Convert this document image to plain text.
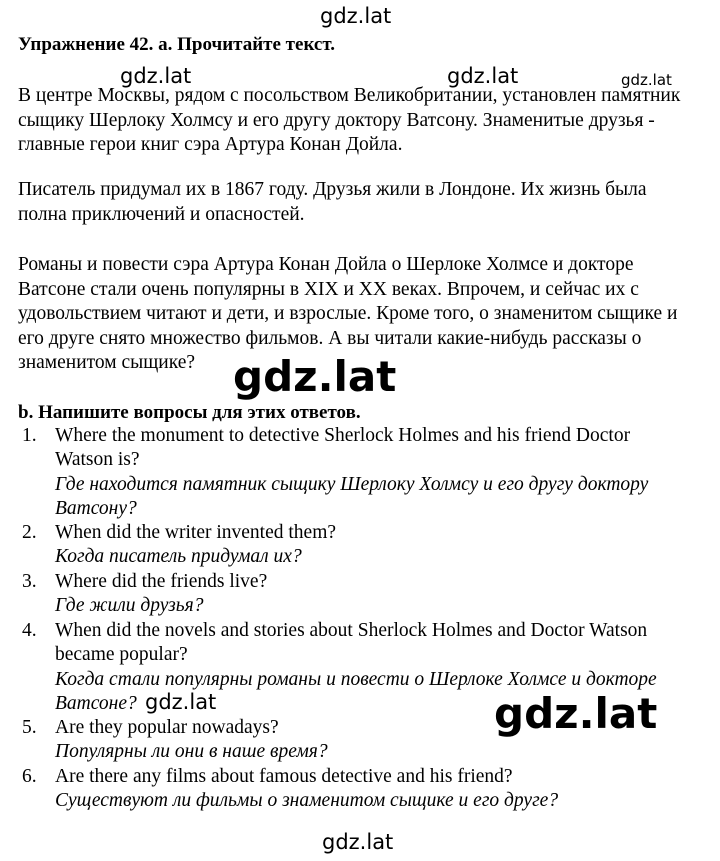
gdz.lat
gdz.lat	gdz.lat	gdz.lat
gdz.lat
gdz.lat
gdz.lat
gdz.lat
Упражнение 42. а. Прочитайте текст.
В центре Москвы, рядом с посольством Великобритании, установлен памятник
сыщику Шерлоку Холмсу и его другу доктору Ватсону. Знаменитые друзья -
главные герои книг сэра Артура Конан Дойла.
Писатель придумал их в 1867 году. Друзья жили в Лондоне. Их жизнь была
полна приключений и опасностей.
Романы и повести сэра Артура Конан Дойла о Шерлоке Холмсе и докторе
Ватсоне стали очень популярны в XIX и XX веках. Впрочем, и сейчас их с
удовольствием читают и дети, и взрослые. Кроме того, о знаменитом сыщике и
его друге снято множество фильмов. А вы читали какие-нибудь рассказы о
знаменитом сыщике?
b. Напишите вопросы для этих ответов.
1. Where the monument to detective Sherlock Holmes and his friend Doctor
Watson is?
Где находится памятник сыщику Шерлоку Холмсу и его другу доктору
Ватсону?
2. When did the writer invented them?
Когда писатель придумал их?
3. Where did the friends live?
Где жили друзья?
4. When did the novels and stories about Sherlock Holmes and Doctor Watson
became popular?
Когда стали популярны романы и повести о Шерлоке Холмсе и докторе
Ватсоне?
5. Are they popular nowadays?
Популярны ли они в наше время?
6. Are there any films about famous detective and his friend?
Существуют ли фильмы о знаменитом сыщике и его друге?
